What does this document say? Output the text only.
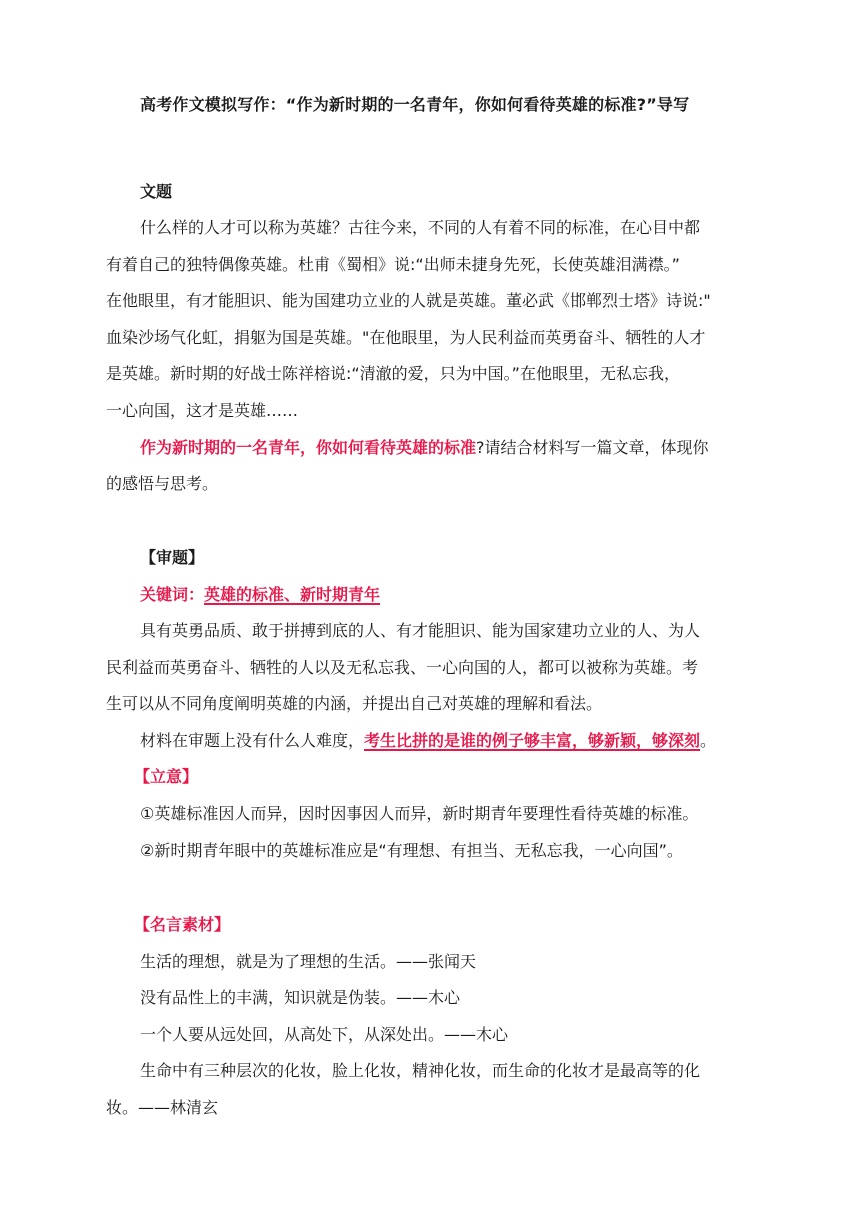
高考作文模拟写作：“作为新时期的一名青年，你如何看待英雄的标准?”导写
文题
什么样的人才可以称为英雄？古往今来，不同的人有着不同的标准，在心目中都
有着自己的独特偶像英雄。杜甫《蜀相》说:“出师未捷身先死，长使英雄泪满襟。”
在他眼里，有才能胆识、能为国建功立业的人就是英雄。董必武《邯郸烈士塔》诗说:"
血染沙场气化虹，捐躯为国是英雄。"在他眼里，为人民利益而英勇奋斗、牺牲的人才
是英雄。新时期的好战士陈祥榕说:“清澈的爱，只为中国。”在他眼里，无私忘我，
一心向国，这才是英雄……
作为新时期的一名青年，你如何看待英雄的标准?请结合材料写一篇文章，体现你
的感悟与思考。
【审题】
关键词：英雄的标准、新时期青年
具有英勇品质、敢于拼搏到底的人、有才能胆识、能为国家建功立业的人、为人
民利益而英勇奋斗、牺牲的人以及无私忘我、一心向国的人，都可以被称为英雄。考
生可以从不同角度阐明英雄的内涵，并提出自己对英雄的理解和看法。
材料在审题上没有什么人难度，考生比拼的是谁的例子够丰富，够新颖，够深刻。
【立意】
①英雄标准因人而异，因时因事因人而异，新时期青年要理性看待英雄的标准。
②新时期青年眼中的英雄标准应是“有理想、有担当、无私忘我，一心向国”。
【名言素材】
生活的理想，就是为了理想的生活。——张闻天
没有品性上的丰满，知识就是伪装。——木心
一个人要从远处回，从高处下，从深处出。——木心
生命中有三种层次的化妆，脸上化妆，精神化妆，而生命的化妆才是最高等的化
妆。——林清玄
